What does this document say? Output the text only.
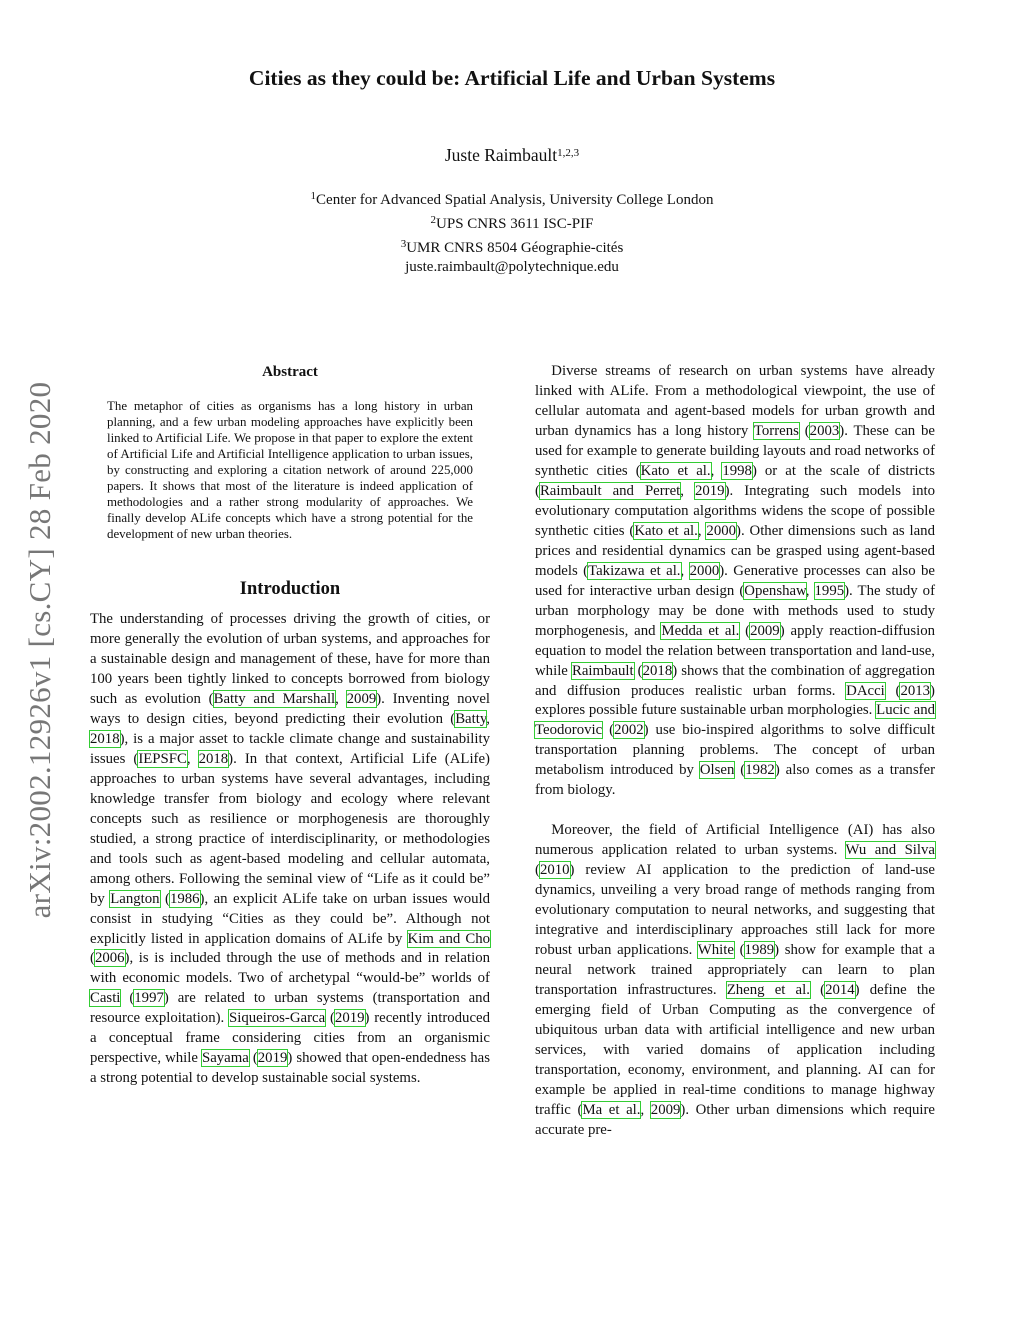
arXiv:2002.12926v1 [cs.CY] 28 Feb 2020
Cities as they could be: Artificial Life and Urban Systems
Juste Raimbault$^{1,2,3}$
$^1$Center for Advanced Spatial Analysis, University College London
$^2$UPS CNRS 3611 ISC-PIF
$^3$UMR CNRS 8504 Géographie-cités
juste.raimbault@polytechnique.edu
Abstract

The metaphor of cities as organisms has a long history in urban planning, and a few urban modeling approaches have explicitly been linked to Artificial Life. We propose in that paper to explore the extent of Artificial Life and Artificial Intelligence application to urban issues, by constructing and exploring a citation network of around 225,000 papers. It shows that most of the literature is indeed application of methodologies and a rather strong modularity of approaches. We finally develop ALife concepts which have a strong potential for the development of new urban theories.

Introduction

The understanding of processes driving the growth of cities, or more generally the evolution of urban systems, and approaches for a sustainable design and management of these, have for more than 100 years been tightly linked to concepts borrowed from biology such as evolution (Batty and Marshall, 2009). Inventing novel ways to design cities, beyond predicting their evolution (Batty, 2018), is a major asset to tackle climate change and sustainability issues (IEPSFC, 2018). In that context, Artificial Life (ALife) approaches to urban systems have several advantages, including knowledge transfer from biology and ecology where relevant concepts such as resilience or morphogenesis are thoroughly studied, a strong practice of interdisciplinarity, or methodologies and tools such as agent-based modeling and cellular automata, among others. Following the seminal view of “Life as it could be” by Langton (1986), an explicit ALife take on urban issues would consist in studying “Cities as they could be”. Although not explicitly listed in application domains of ALife by Kim and Cho (2006), is is included through the use of methods and in relation with economic models. Two of archetypal “would-be” worlds of Casti (1997) are related to urban systems (transportation and resource exploitation). Siqueiros-Garca (2019) recently introduced a conceptual frame considering cities from an organismic perspective, while Sayama (2019) showed that open-endedness has a strong potential to develop sustainable social systems.

Diverse streams of research on urban systems have already linked with ALife. From a methodological viewpoint, the use of cellular automata and agent-based models for urban growth and urban dynamics has a long history Torrens (2003). These can be used for example to generate building layouts and road networks of synthetic cities (Kato et al., 1998) or at the scale of districts (Raimbault and Perret, 2019). Integrating such models into evolutionary computation algorithms widens the scope of possible synthetic cities (Kato et al., 2000). Other dimensions such as land prices and residential dynamics can be grasped using agent-based models (Takizawa et al., 2000). Generative processes can also be used for interactive urban design (Openshaw, 1995). The study of urban morphology may be done with methods used to study morphogenesis, and Medda et al. (2009) apply reaction-diffusion equation to model the relation between transportation and land-use, while Raimbault (2018) shows that the combination of aggregation and diffusion produces realistic urban forms. DAcci (2013) explores possible future sustainable urban morphologies. Lucic and Teodorovic (2002) use bio-inspired algorithms to solve difficult transportation planning problems. The concept of urban metabolism introduced by Olsen (1982) also comes as a transfer from biology.

Moreover, the field of Artificial Intelligence (AI) has also numerous application related to urban systems. Wu and Silva (2010) review AI application to the prediction of land-use dynamics, unveiling a very broad range of methods ranging from evolutionary computation to neural networks, and suggesting that integrative and interdisciplinary approaches still lack for more robust urban applications. White (1989) show for example that a neural network trained appropriately can learn to plan transportation infrastructures. Zheng et al. (2014) define the emerging field of Urban Computing as the convergence of ubiquitous urban data with artificial intelligence and new urban services, with varied domains of application including transportation, economy, environment, and planning. AI can for example be applied in real-time conditions to manage highway traffic (Ma et al., 2009). Other urban dimensions which require accurate pre-
